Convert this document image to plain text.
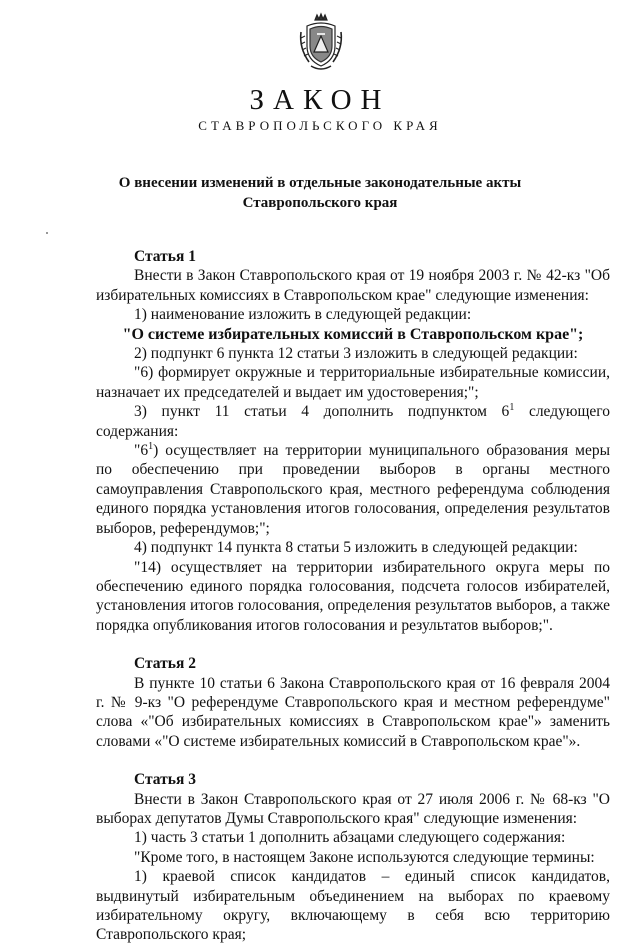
ЗАКОН
СТАВРОПОЛЬСКОГО КРАЯ
О внесении изменений в отдельные законодательные акты
Ставропольского края
Статья 1

Внести в Закон Ставропольского края от 19 ноября 2003 г. № 42-кз "Об избирательных комиссиях в Ставропольском крае" следующие изменения:

1) наименование изложить в следующей редакции:

"О системе избирательных комиссий в Ставропольском крае";

2) подпункт 6 пункта 12 статьи 3 изложить в следующей редакции:

"6) формирует окружные и территориальные избирательные комиссии, назначает их председателей и выдает им удостоверения;";

3) пункт 11 статьи 4 дополнить подпунктом $6^1$ следующего содержания:

"$6^1$) осуществляет на территории муниципального образования меры по обеспечению при проведении выборов в органы местного самоуправления Ставропольского края, местного референдума соблюдения единого порядка установления итогов голосования, определения результатов выборов, референдумов;";

4) подпункт 14 пункта 8 статьи 5 изложить в следующей редакции:

"14) осуществляет на территории избирательного округа меры по обеспечению единого порядка голосования, подсчета голосов избирателей, установления итогов голосования, определения результатов выборов, а также порядка опубликования итогов голосования и результатов выборов;".

Статья 2

В пункте 10 статьи 6 Закона Ставропольского края от 16 февраля 2004 г. № 9-кз "О референдуме Ставропольского края и местном референдуме" слова «"Об избирательных комиссиях в Ставропольском крае"» заменить словами «"О системе избирательных комиссий в Ставропольском крае"».

Статья 3

Внести в Закон Ставропольского края от 27 июля 2006 г. № 68-кз "О выборах депутатов Думы Ставропольского края" следующие изменения:

1) часть 3 статьи 1 дополнить абзацами следующего содержания:

"Кроме того, в настоящем Законе используются следующие термины:

1) краевой список кандидатов – единый список кандидатов, выдвинутый избирательным объединением на выборах по краевому избирательному округу, включающему в себя всю территорию Ставропольского края;
